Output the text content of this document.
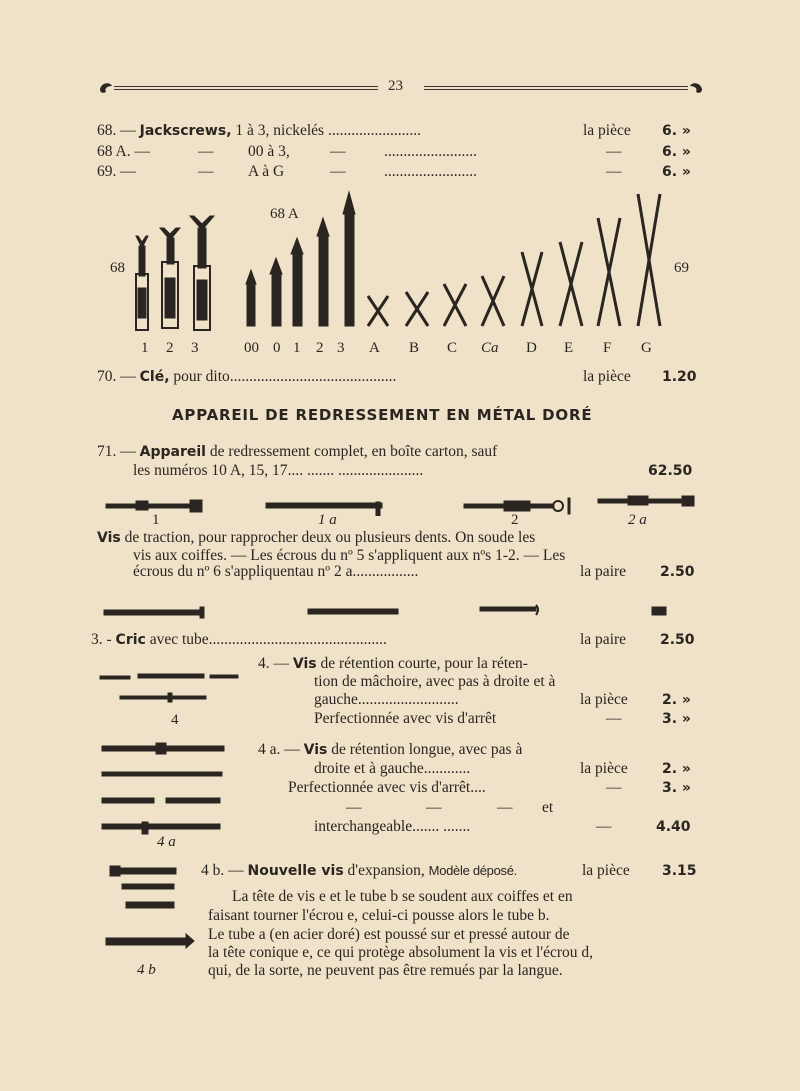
23
68. — Jackscrews, 1 à 3, nickelés ........................	la pièce 6. »
68 A. —	— 00 à 3,	— ........................	—	6. »
69. —	— A à G	— ........................	—	6. »
68
68 A
69
1 2 3	00 0 1 2 3 A B C Ca D E F G
70. — Clé, pour dito...........................................	la pièce 1.20
APPAREIL DE REDRESSEMENT EN MÉTAL DORÉ
71. — Appareil de redressement complet, en boîte carton, sauf
les numéros 10 A, 15, 17.... ....... ......................	62.50
1	1 a	2	2 a
Vis de traction, pour rapprocher deux ou plusieurs dents. On soude les
vis aux coiffes. — Les écrous du nº 5 s'appliquent aux nºs 1-2. — Les
écrous du nº 6 s'appliquentau nº 2 a.................	la paire 2.50
3. - Cric avec tube..............................................	la paire 2.50
4
4. — Vis de rétention courte, pour la réten-
tion de mâchoire, avec pas à droite et à
gauche..........................	la pièce 2. »
Perfectionnée avec vis d'arrêt	—	3. »
4 a
4 a. — Vis de rétention longue, avec pas à
droite et à gauche............	la pièce 2. »
Perfectionnée avec vis d'arrêt....	—	3. »
—	—	— et
interchangeable....... .......	—	4.40
4 b
4 b. — Nouvelle vis d'expansion, Modèle déposé.	la pièce 3.15
La tête de vis e et le tube b se soudent aux coiffes et en
faisant tourner l'écrou e, celui-ci pousse alors le tube b.
Le tube a (en acier doré) est poussé sur et pressé autour de
la tête conique e, ce qui protège absolument la vis et l'écrou d,
qui, de la sorte, ne peuvent pas être remués par la langue.
